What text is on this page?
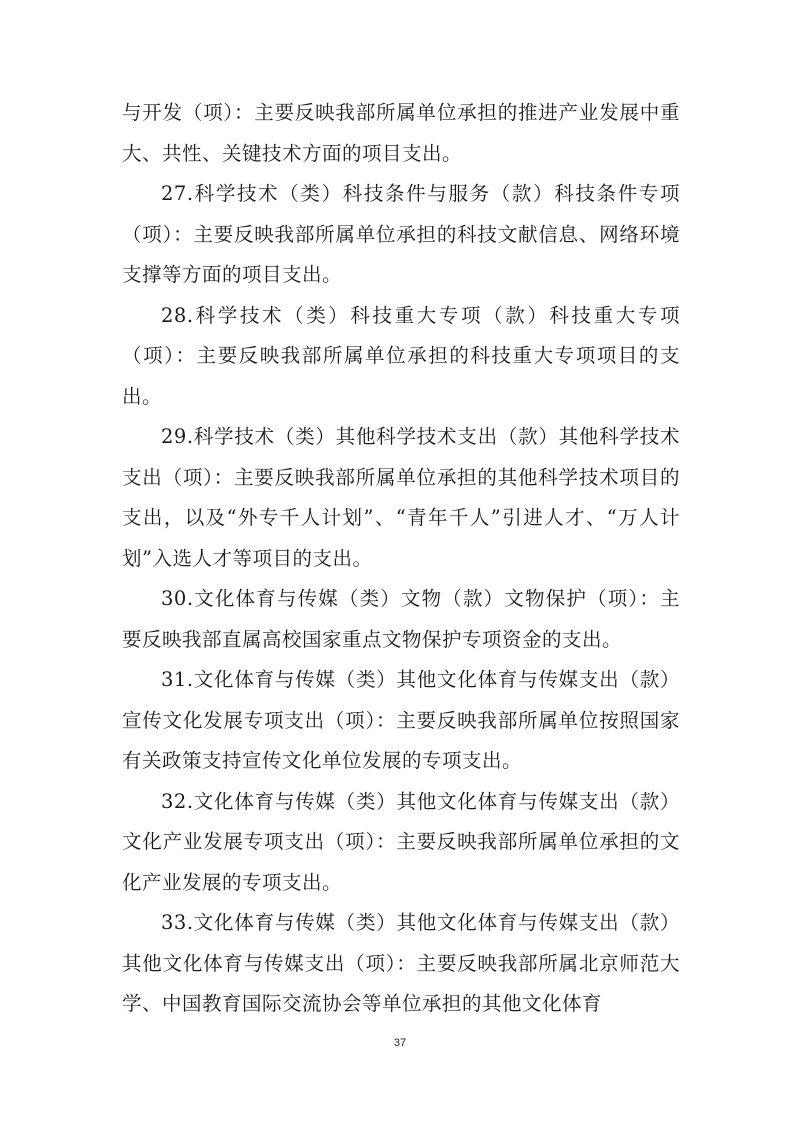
与开发（项）：主要反映我部所属单位承担的推进产业发展中重大、共性、关键技术方面的项目支出。

27.科学技术（类）科技条件与服务（款）科技条件专项（项）：主要反映我部所属单位承担的科技文献信息、网络环境支撑等方面的项目支出。

28.科学技术（类）科技重大专项（款）科技重大专项（项）：主要反映我部所属单位承担的科技重大专项项目的支出。

29.科学技术（类）其他科学技术支出（款）其他科学技术支出（项）：主要反映我部所属单位承担的其他科学技术项目的支出，以及“外专千人计划”、“青年千人”引进人才、“万人计划”入选人才等项目的支出。

30.文化体育与传媒（类）文物（款）文物保护（项）：主要反映我部直属高校国家重点文物保护专项资金的支出。

31.文化体育与传媒（类）其他文化体育与传媒支出（款）宣传文化发展专项支出（项）：主要反映我部所属单位按照国家有关政策支持宣传文化单位发展的专项支出。

32.文化体育与传媒（类）其他文化体育与传媒支出（款）文化产业发展专项支出（项）：主要反映我部所属单位承担的文化产业发展的专项支出。

33.文化体育与传媒（类）其他文化体育与传媒支出（款）其他文化体育与传媒支出（项）：主要反映我部所属北京师范大学、中国教育国际交流协会等单位承担的其他文化体育

37
